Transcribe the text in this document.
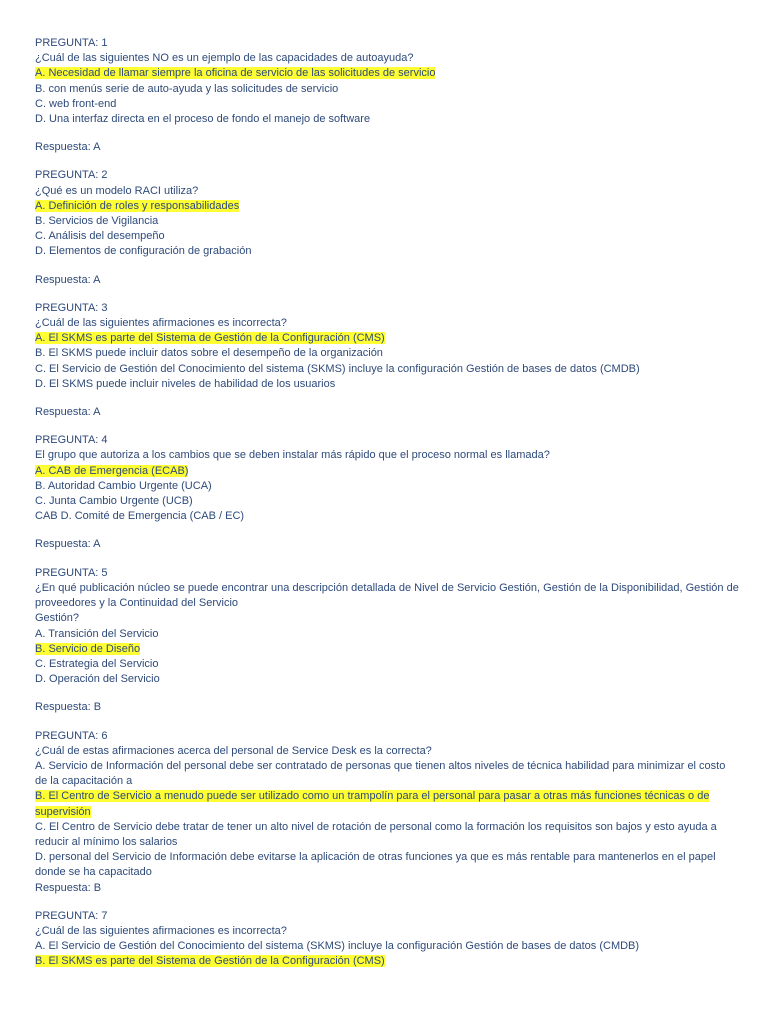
PREGUNTA: 1
¿Cuál de las siguientes NO es un ejemplo de las capacidades de autoayuda?
A. Necesidad de llamar siempre la oficina de servicio de las solicitudes de servicio
B. con menús serie de auto-ayuda y las solicitudes de servicio
C. web front-end
D. Una interfaz directa en el proceso de fondo el manejo de software
Respuesta: A
PREGUNTA: 2
¿Qué es un modelo RACI utiliza?
A. Definición de roles y responsabilidades
B. Servicios de Vigilancia
C. Análisis del desempeño
D. Elementos de configuración de grabación
Respuesta: A
PREGUNTA: 3
¿Cuál de las siguientes afirmaciones es incorrecta?
A. El SKMS es parte del Sistema de Gestión de la Configuración (CMS)
B. El SKMS puede incluir datos sobre el desempeño de la organización
C. El Servicio de Gestión del Conocimiento del sistema (SKMS) incluye la configuración Gestión de bases de datos (CMDB)
D. El SKMS puede incluir niveles de habilidad de los usuarios
Respuesta: A
PREGUNTA: 4
El grupo que autoriza a los cambios que se deben instalar más rápido que el proceso normal es llamada?
A. CAB de Emergencia (ECAB)
B. Autoridad Cambio Urgente (UCA)
C. Junta Cambio Urgente (UCB)
CAB D. Comité de Emergencia (CAB / EC)
Respuesta: A
PREGUNTA: 5
¿En qué publicación núcleo se puede encontrar una descripción detallada de Nivel de Servicio Gestión, Gestión de la Disponibilidad, Gestión de proveedores y la Continuidad del Servicio
Gestión?
A. Transición del Servicio
B. Servicio de Diseño
C. Estrategia del Servicio
D. Operación del Servicio
Respuesta: B
PREGUNTA: 6
¿Cuál de estas afirmaciones acerca del personal de Service Desk es la correcta?
A. Servicio de Información del personal debe ser contratado de personas que tienen altos niveles de técnica habilidad para minimizar el costo de la capacitación a
B. El Centro de Servicio a menudo puede ser utilizado como un trampolín para el personal para pasar a otras más funciones técnicas o de supervisión
C. El Centro de Servicio debe tratar de tener un alto nivel de rotación de personal como la formación los requisitos son bajos y esto ayuda a reducir al mínimo los salarios
D. personal del Servicio de Información debe evitarse la aplicación de otras funciones ya que es más rentable para mantenerlos en el papel donde se ha capacitado
Respuesta: B
PREGUNTA: 7
¿Cuál de las siguientes afirmaciones es incorrecta?
A. El Servicio de Gestión del Conocimiento del sistema (SKMS) incluye la configuración Gestión de bases de datos (CMDB)
B. El SKMS es parte del Sistema de Gestión de la Configuración (CMS)
